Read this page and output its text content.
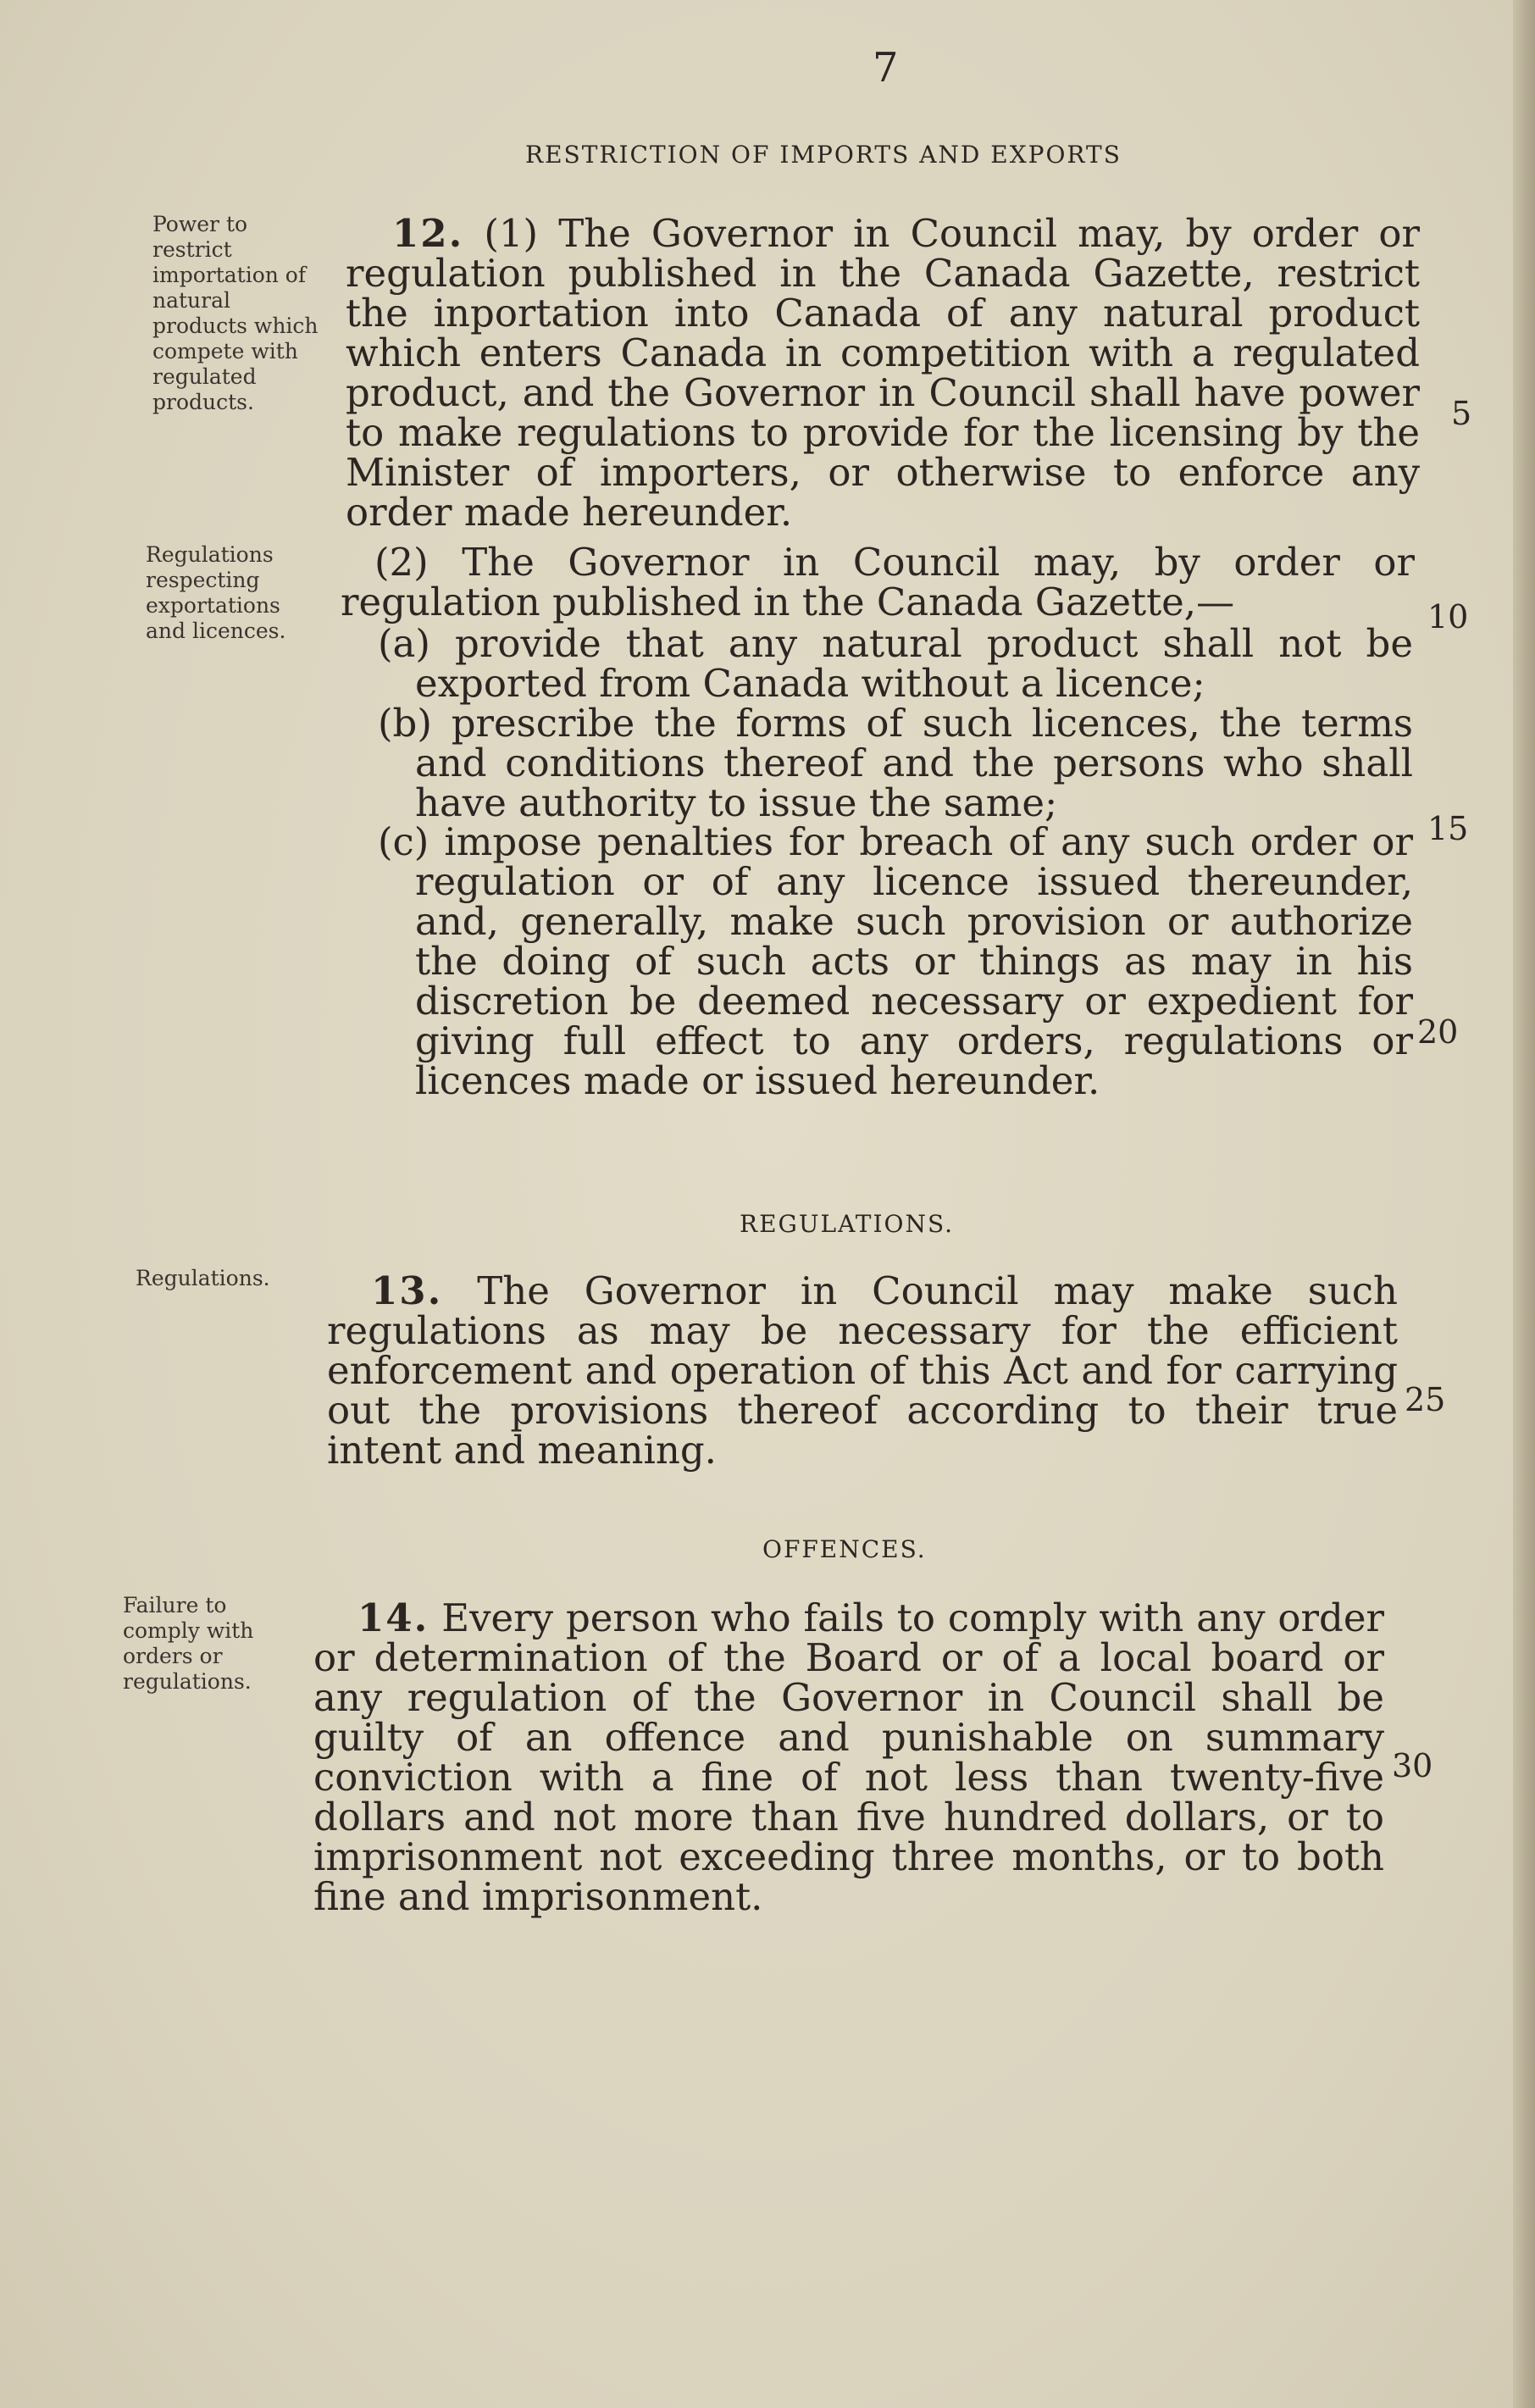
7
RESTRICTION OF IMPORTS AND EXPORTS
Power to restrict importation of natural products which compete with regulated products.
12. (1) The Governor in Council may, by order or regulation published in the Canada Gazette, restrict the inportation into Canada of any natural product which enters Canada in competition with a regulated product, and the Governor in Council shall have power to make regulations to provide for the licensing by the Minister of importers, or otherwise to enforce any order made hereunder.
Regulations respecting exportations and licences.
(2) The Governor in Council may, by order or regulation published in the Canada Gazette,—
(a) provide that any natural product shall not be exported from Canada without a licence;
(b) prescribe the forms of such licences, the terms and conditions thereof and the persons who shall have authority to issue the same;
(c) impose penalties for breach of any such order or regulation or of any licence issued thereunder, and, generally, make such provision or authorize the doing of such acts or things as may in his discretion be deemed necessary or expedient for giving full effect to any orders, regulations or licences made or issued hereunder.
REGULATIONS.
Regulations.	13. The Governor in Council may make such regulations as may be necessary for the efficient enforcement and operation of this Act and for carrying out the provisions thereof according to their true intent and meaning.
OFFENCES.
Failure to comply with orders or regulations.
14. Every person who fails to comply with any order or determination of the Board or of a local board or any regulation of the Governor in Council shall be guilty of an offence and punishable on summary conviction with a fine of not less than twenty-five dollars and not more than five hundred dollars, or to imprisonment not exceeding three months, or to both fine and imprisonment.
5
10
15
20
25
30
